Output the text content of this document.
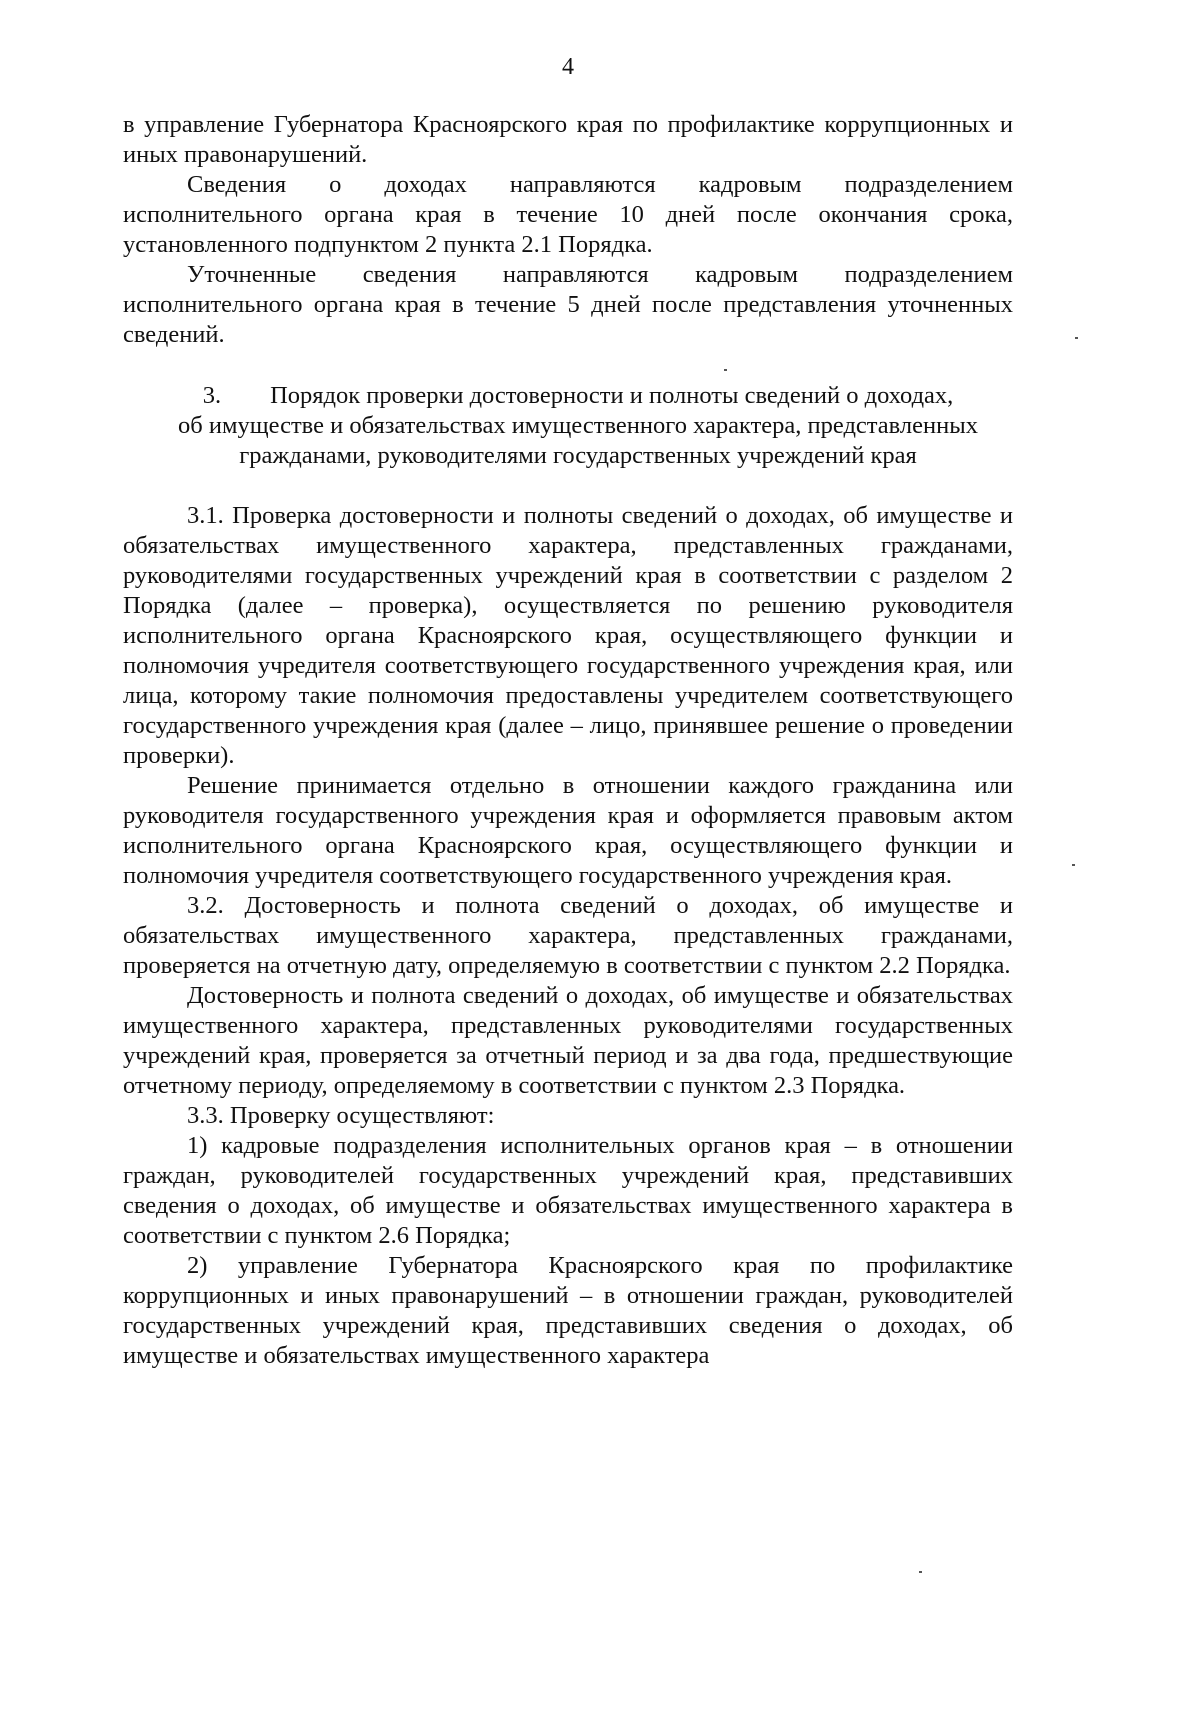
4

в управление Губернатора Красноярского края по профилактике коррупционных и иных правонарушений.

Сведения о доходах направляются кадровым подразделением исполнительного органа края в течение 10 дней после окончания срока, установленного подпунктом 2 пункта 2.1 Порядка.

Уточненные сведения направляются кадровым подразделением исполнительного органа края в течение 5 дней после представления уточненных сведений.

3.        Порядок проверки достоверности и полноты сведений о доходах,
об имуществе и обязательствах имущественного характера, представленных
гражданами, руководителями государственных учреждений края

3.1. Проверка достоверности и полноты сведений о доходах, об имуществе и обязательствах имущественного характера, представленных гражданами, руководителями государственных учреждений края в соответствии с разделом 2 Порядка (далее – проверка), осуществляется по решению руководителя исполнительного органа Красноярского края, осуществляющего функции и полномочия учредителя соответствующего государственного учреждения края, или лица, которому такие полномочия предоставлены учредителем соответствующего государственного учреждения края (далее – лицо, принявшее решение о проведении проверки).

Решение принимается отдельно в отношении каждого гражданина или руководителя государственного учреждения края и оформляется правовым актом исполнительного органа Красноярского края, осуществляющего функции и полномочия учредителя соответствующего государственного учреждения края.

3.2. Достоверность и полнота сведений о доходах, об имуществе и обязательствах имущественного характера, представленных гражданами, проверяется на отчетную дату, определяемую в соответствии с пунктом 2.2 Порядка.

Достоверность и полнота сведений о доходах, об имуществе и обязательствах имущественного характера, представленных руководителями государственных учреждений края, проверяется за отчетный период и за два года, предшествующие отчетному периоду, определяемому в соответствии с пунктом 2.3 Порядка.

3.3. Проверку осуществляют:

1) кадровые подразделения исполнительных органов края – в отношении граждан, руководителей государственных учреждений края, представивших сведения о доходах, об имуществе и обязательствах имущественного характера в соответствии с пунктом 2.6 Порядка;

2) управление Губернатора Красноярского края по профилактике коррупционных и иных правонарушений – в отношении граждан, руководителей государственных учреждений края, представивших сведения о доходах, об имуществе и обязательствах имущественного характера
